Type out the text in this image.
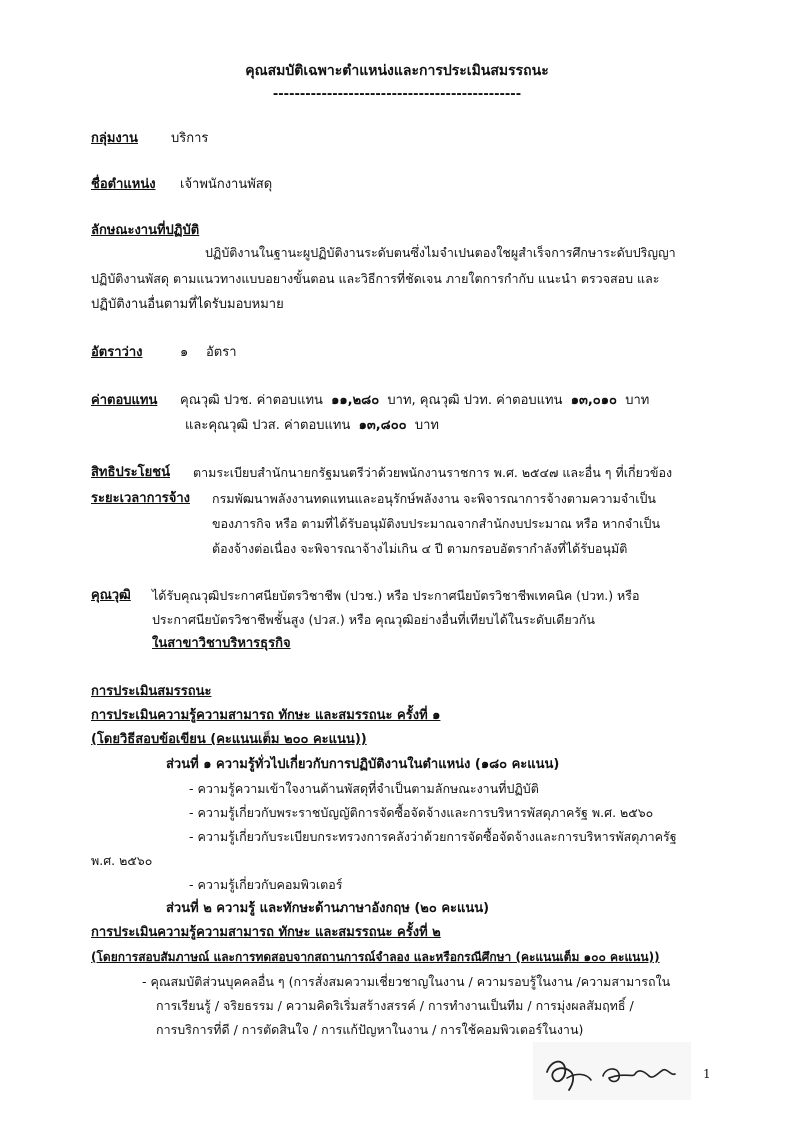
คุณสมบัติเฉพาะตำแหน่งและการประเมินสมรรถนะ
----------------------------------------------
กลุ่มงาน	บริการ
ชื่อตำแหน่ง เจ้าพนักงานพัสดุ
ลักษณะงานที่ปฏิบัติ
ปฏิบัติงานในฐานะผูปฏิบัติงานระดับตนซึ่งไมจำเปนตองใชผูสำเร็จการศึกษาระดับปริญญา
ปฏิบัติงานพัสดุ ตามแนวทางแบบอยางขั้นตอน และวิธีการที่ชัดเจน ภายใตการกำกับ แนะนำ ตรวจสอบ และ
ปฏิบัติงานอื่นตามที่ไดรับมอบหมาย
อัตราว่าง	๑ อัตรา
ค่าตอบแทน คุณวุฒิ ปวช. ค่าตอบแทน ๑๑,๒๘๐ บาท, คุณวุฒิ ปวท. ค่าตอบแทน ๑๓,๐๑๐ บาท
และคุณวุฒิ ปวส. ค่าตอบแทน ๑๓,๘๐๐ บาท
สิทธิประโยชน์ ตามระเบียบสำนักนายกรัฐมนตรีว่าด้วยพนักงานราชการ พ.ศ. ๒๕๔๗ และอื่น ๆ ที่เกี่ยวข้อง
ระยะเวลาการจ้าง กรมพัฒนาพลังงานทดแทนและอนุรักษ์พลังงาน จะพิจารณาการจ้างตามความจำเป็น
ของภารกิจ หรือ ตามที่ได้รับอนุมัติงบประมาณจากสำนักงบประมาณ หรือ หากจำเป็น
ต้องจ้างต่อเนื่อง จะพิจารณาจ้างไม่เกิน ๔ ปี ตามกรอบอัตรากำลังที่ได้รับอนุมัติ
คุณวุฒิ ได้รับคุณวุฒิประกาศนียบัตรวิชาชีพ (ปวช.) หรือ ประกาศนียบัตรวิชาชีพเทคนิค (ปวท.) หรือ
ประกาศนียบัตรวิชาชีพชั้นสูง (ปวส.) หรือ คุณวุฒิอย่างอื่นที่เทียบได้ในระดับเดียวกัน
ในสาขาวิชาบริหารธุรกิจ
การประเมินสมรรถนะ
การประเมินความรู้ความสามารถ ทักษะ และสมรรถนะ ครั้งที่ ๑
(โดยวิธีสอบข้อเขียน (คะแนนเต็ม ๒๐๐ คะแนน))
ส่วนที่ ๑ ความรู้ทั่วไปเกี่ยวกับการปฏิบัติงานในตำแหน่ง (๑๘๐ คะแนน)
- ความรู้ความเข้าใจงานด้านพัสดุที่จำเป็นตามลักษณะงานที่ปฏิบัติ
- ความรู้เกี่ยวกับพระราชบัญญัติการจัดซื้อจัดจ้างและการบริหารพัสดุภาครัฐ พ.ศ. ๒๕๖๐
- ความรู้เกี่ยวกับระเบียบกระทรวงการคลังว่าด้วยการจัดซื้อจัดจ้างและการบริหารพัสดุภาครัฐ
พ.ศ. ๒๕๖๐
- ความรู้เกี่ยวกับคอมพิวเตอร์
ส่วนที่ ๒ ความรู้ และทักษะด้านภาษาอังกฤษ (๒๐ คะแนน)
การประเมินความรู้ความสามารถ ทักษะ และสมรรถนะ ครั้งที่ ๒
(โดยการสอบสัมภาษณ์ และการทดสอบจากสถานการณ์จำลอง และหรือกรณีศึกษา (คะแนนเต็ม ๑๐๐ คะแนน))
- คุณสมบัติส่วนบุคคลอื่น ๆ (การสั่งสมความเชี่ยวชาญในงาน / ความรอบรู้ในงาน /ความสามารถใน
การเรียนรู้ / จริยธรรม / ความคิดริเริ่มสร้างสรรค์ / การทำงานเป็นทีม / การมุ่งผลสัมฤทธิ์ /
การบริการที่ดี / การตัดสินใจ / การแก้ปัญหาในงาน / การใช้คอมพิวเตอร์ในงาน)
1
